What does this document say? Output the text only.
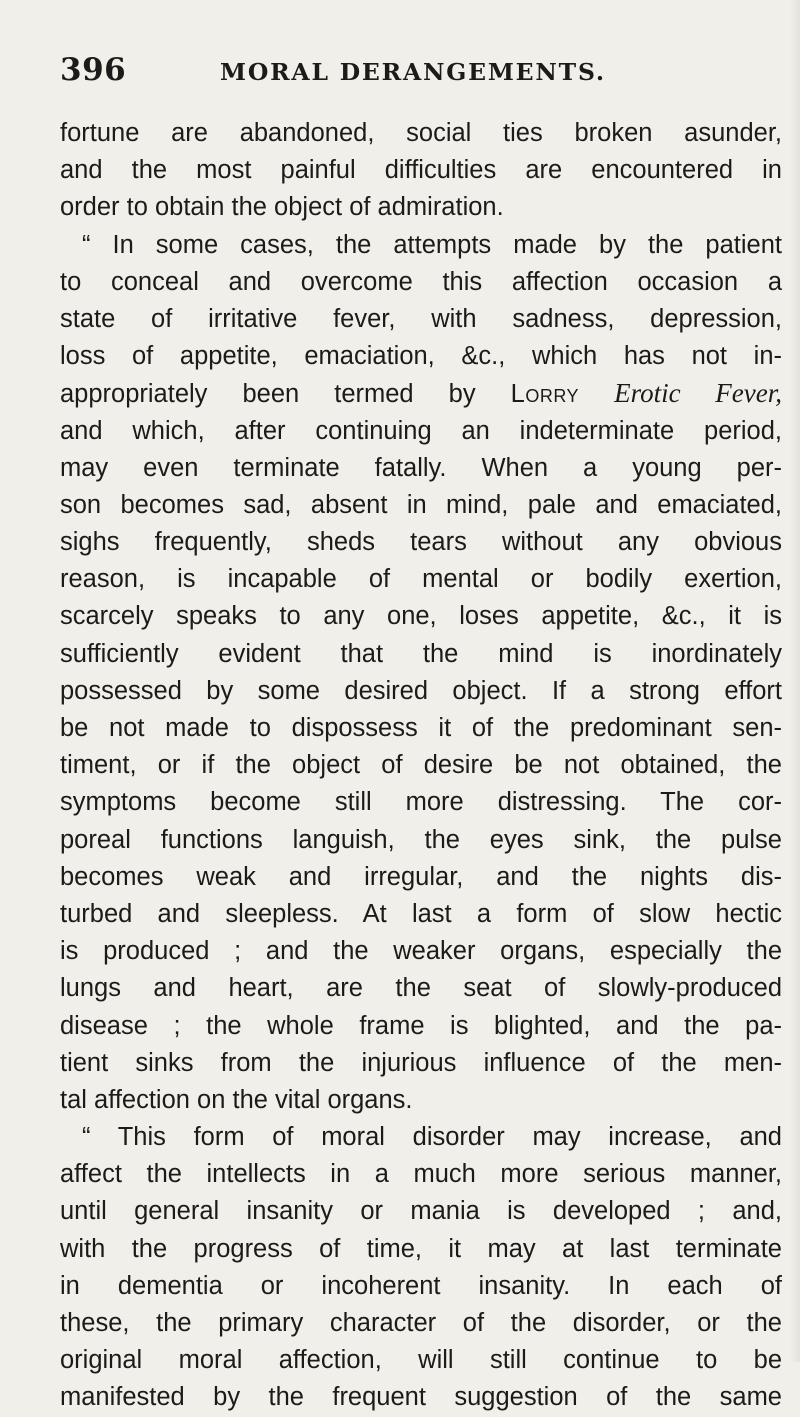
396	MORAL DERANGEMENTS.
fortune are abandoned, social ties broken asunder,
and the most painful difficulties are encountered in
order to obtain the object of admiration.
“ In some cases, the attempts made by the patient
to conceal and overcome this affection occasion a
state of irritative fever, with sadness, depression,
loss of appetite, emaciation, &c., which has not in-
appropriately been termed by Lorry Erotic Fever,
and which, after continuing an indeterminate period,
may even terminate fatally. When a young per-
son becomes sad, absent in mind, pale and emaciated,
sighs frequently, sheds tears without any obvious
reason, is incapable of mental or bodily exertion,
scarcely speaks to any one, loses appetite, &c., it is
sufficiently evident that the mind is inordinately
possessed by some desired object. If a strong effort
be not made to dispossess it of the predominant sen-
timent, or if the object of desire be not obtained, the
symptoms become still more distressing. The cor-
poreal functions languish, the eyes sink, the pulse
becomes weak and irregular, and the nights dis-
turbed and sleepless. At last a form of slow hectic
is produced ; and the weaker organs, especially the
lungs and heart, are the seat of slowly-produced
disease ; the whole frame is blighted, and the pa-
tient sinks from the injurious influence of the men-
tal affection on the vital organs.
“ This form of moral disorder may increase, and
affect the intellects in a much more serious manner,
until general insanity or mania is developed ; and,
with the progress of time, it may at last terminate
in dementia or incoherent insanity. In each of
these, the primary character of the disorder, or the
original moral affection, will still continue to be
manifested by the frequent suggestion of the same
